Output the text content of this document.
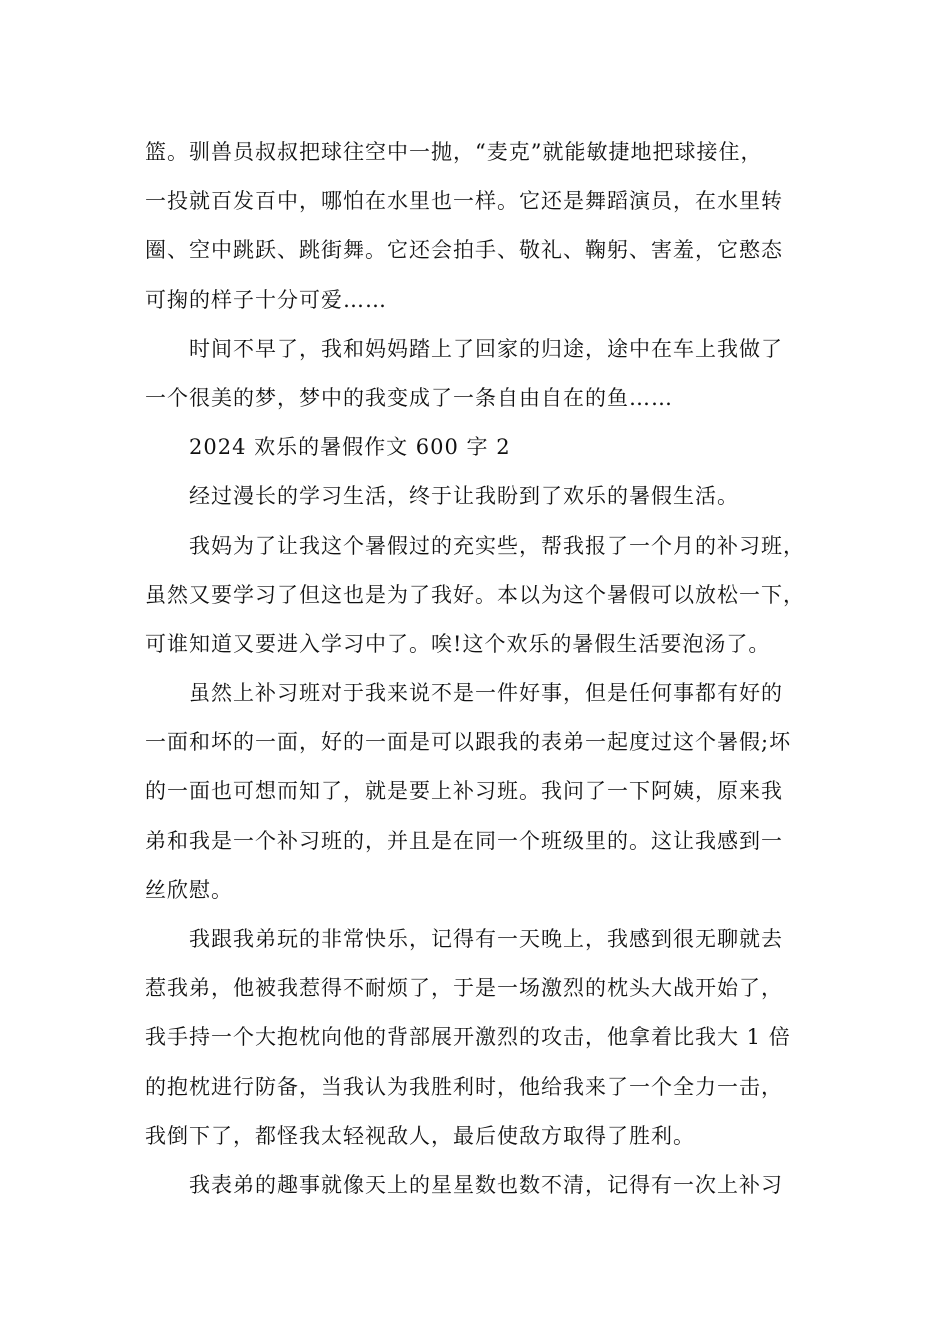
篮。驯兽员叔叔把球往空中一抛，“麦克”就能敏捷地把球接住，
一投就百发百中，哪怕在水里也一样。它还是舞蹈演员，在水里转
圈、空中跳跃、跳街舞。它还会拍手、敬礼、鞠躬、害羞，它憨态
可掬的样子十分可爱……
时间不早了，我和妈妈踏上了回家的归途，途中在车上我做了
一个很美的梦，梦中的我变成了一条自由自在的鱼……
2024 欢乐的暑假作文 600 字 2
经过漫长的学习生活，终于让我盼到了欢乐的暑假生活。
我妈为了让我这个暑假过的充实些，帮我报了一个月的补习班，
虽然又要学习了但这也是为了我好。本以为这个暑假可以放松一下，
可谁知道又要进入学习中了。唉!这个欢乐的暑假生活要泡汤了。
虽然上补习班对于我来说不是一件好事，但是任何事都有好的
一面和坏的一面，好的一面是可以跟我的表弟一起度过这个暑假;坏
的一面也可想而知了，就是要上补习班。我问了一下阿姨，原来我
弟和我是一个补习班的，并且是在同一个班级里的。这让我感到一
丝欣慰。
我跟我弟玩的非常快乐，记得有一天晚上，我感到很无聊就去
惹我弟，他被我惹得不耐烦了，于是一场激烈的枕头大战开始了，
我手持一个大抱枕向他的背部展开激烈的攻击，他拿着比我大 1 倍
的抱枕进行防备，当我认为我胜利时，他给我来了一个全力一击，
我倒下了，都怪我太轻视敌人，最后使敌方取得了胜利。
我表弟的趣事就像天上的星星数也数不清，记得有一次上补习
